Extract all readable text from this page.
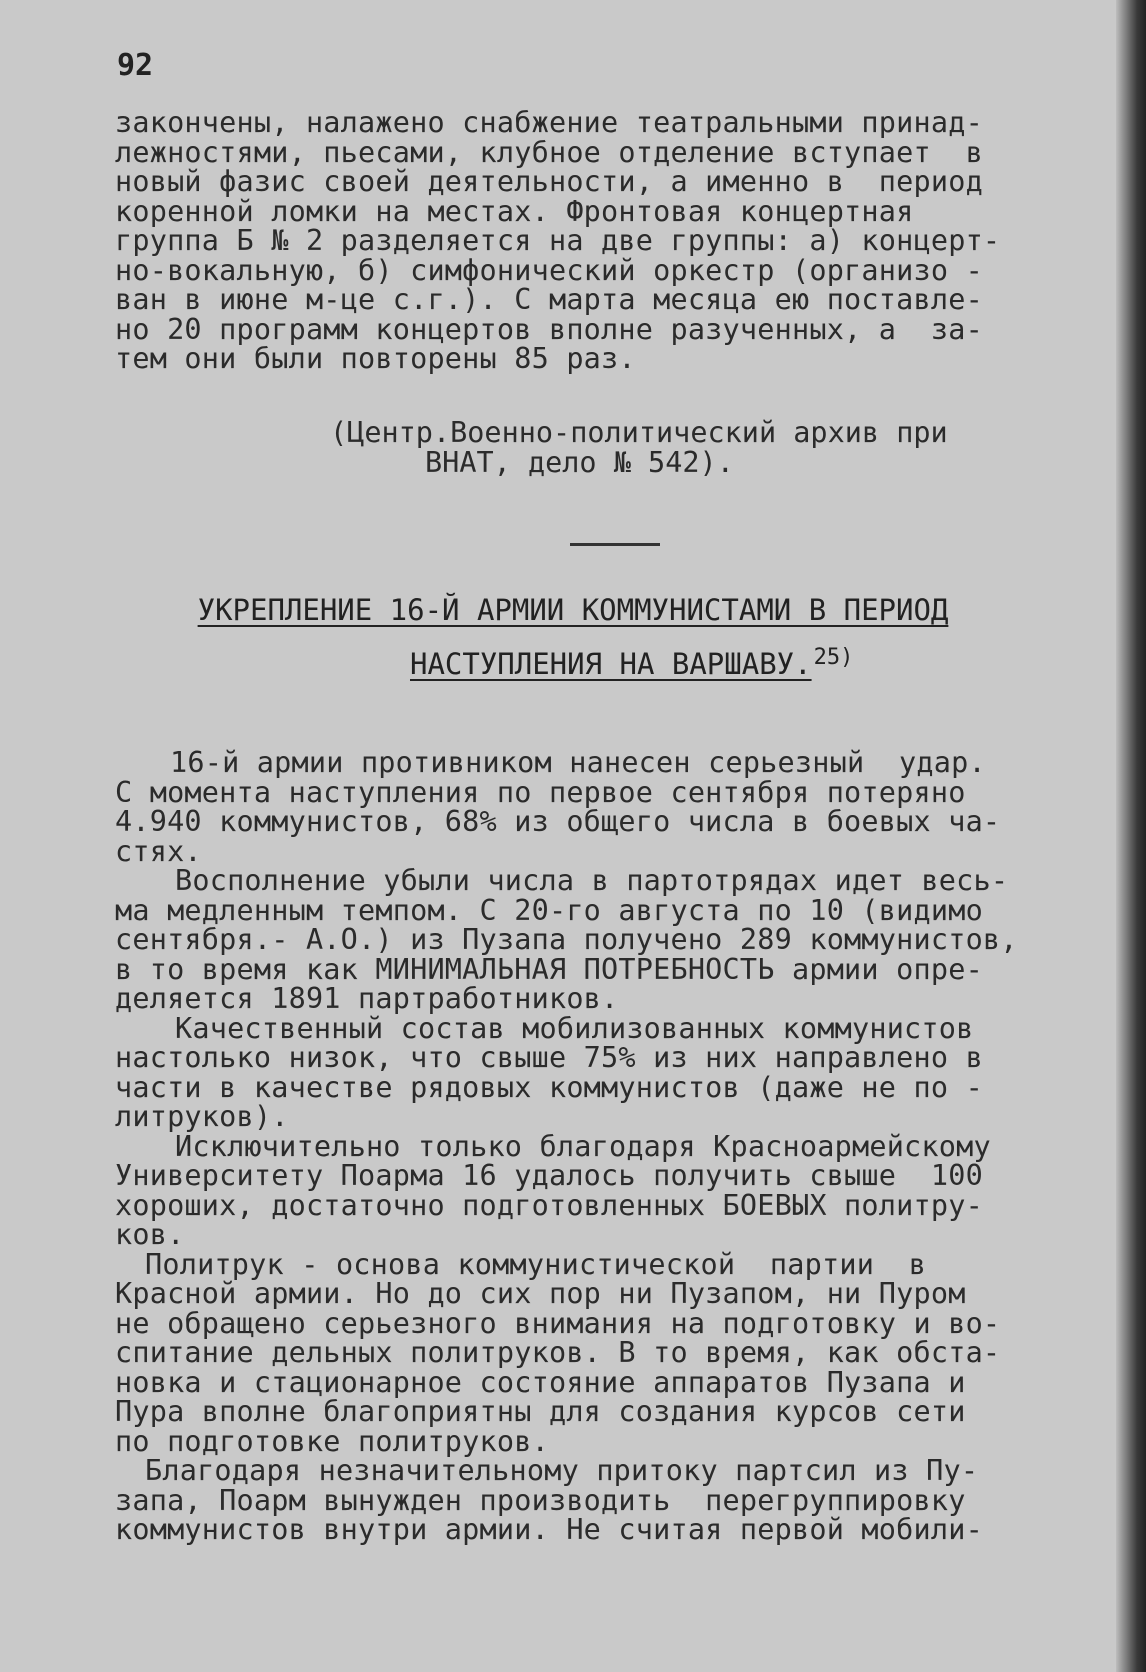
92
закончены, налажено снабжение театральными принад-
лежностями, пьесами, клубное отделение вступает  в
новый фазис своей деятельности, а именно в  период
коренной ломки на местах. Фронтовая концертная
группа Б № 2 разделяется на две группы: а) концерт-
но-вокальную, б) симфонический оркестр (организо -
ван в июне м-це с.г.). С марта месяца ею поставле-
но 20 программ концертов вполне разученных, а  за-
тем они были повторены 85 раз.
(Центр.Военно-политический архив при
ВНАТ, дело № 542).
УКРЕПЛЕНИЕ 16-Й АРМИИ КОММУНИСТАМИ В ПЕРИОД
НАСТУПЛЕНИЯ НА ВАРШАВУ.$^{25)}$
16-й армии противником нанесен серьезный  удар.
С момента наступления по первое сентября потеряно
4.940 коммунистов, 68% из общего числа в боевых ча-
стях.
Восполнение убыли числа в партотрядах идет весь-
ма медленным темпом. С 20-го августа по 10 (видимо
сентября.- А.О.) из Пузапа получено 289 коммунистов,
в то время как МИНИМАЛЬНАЯ ПОТРЕБНОСТЬ армии опре-
деляется 1891 партработников.
Качественный состав мобилизованных коммунистов
настолько низок, что свыше 75% из них направлено в
части в качестве рядовых коммунистов (даже не по -
литруков).
Исключительно только благодаря Красноармейскому
Университету Поарма 16 удалось получить свыше  100
хороших, достаточно подготовленных БОЕВЫХ политру-
ков.
Политрук - основа коммунистической  партии  в
Красной армии. Но до сих пор ни Пузапом, ни Пуром
не обращено серьезного внимания на подготовку и во-
спитание дельных политруков. В то время, как обста-
новка и стационарное состояние аппаратов Пузапа и
Пура вполне благоприятны для создания курсов сети
по подготовке политруков.
Благодаря незначительному притоку партсил из Пу-
запа, Поарм вынужден производить  перегруппировку
коммунистов внутри армии. Не считая первой мобили-
